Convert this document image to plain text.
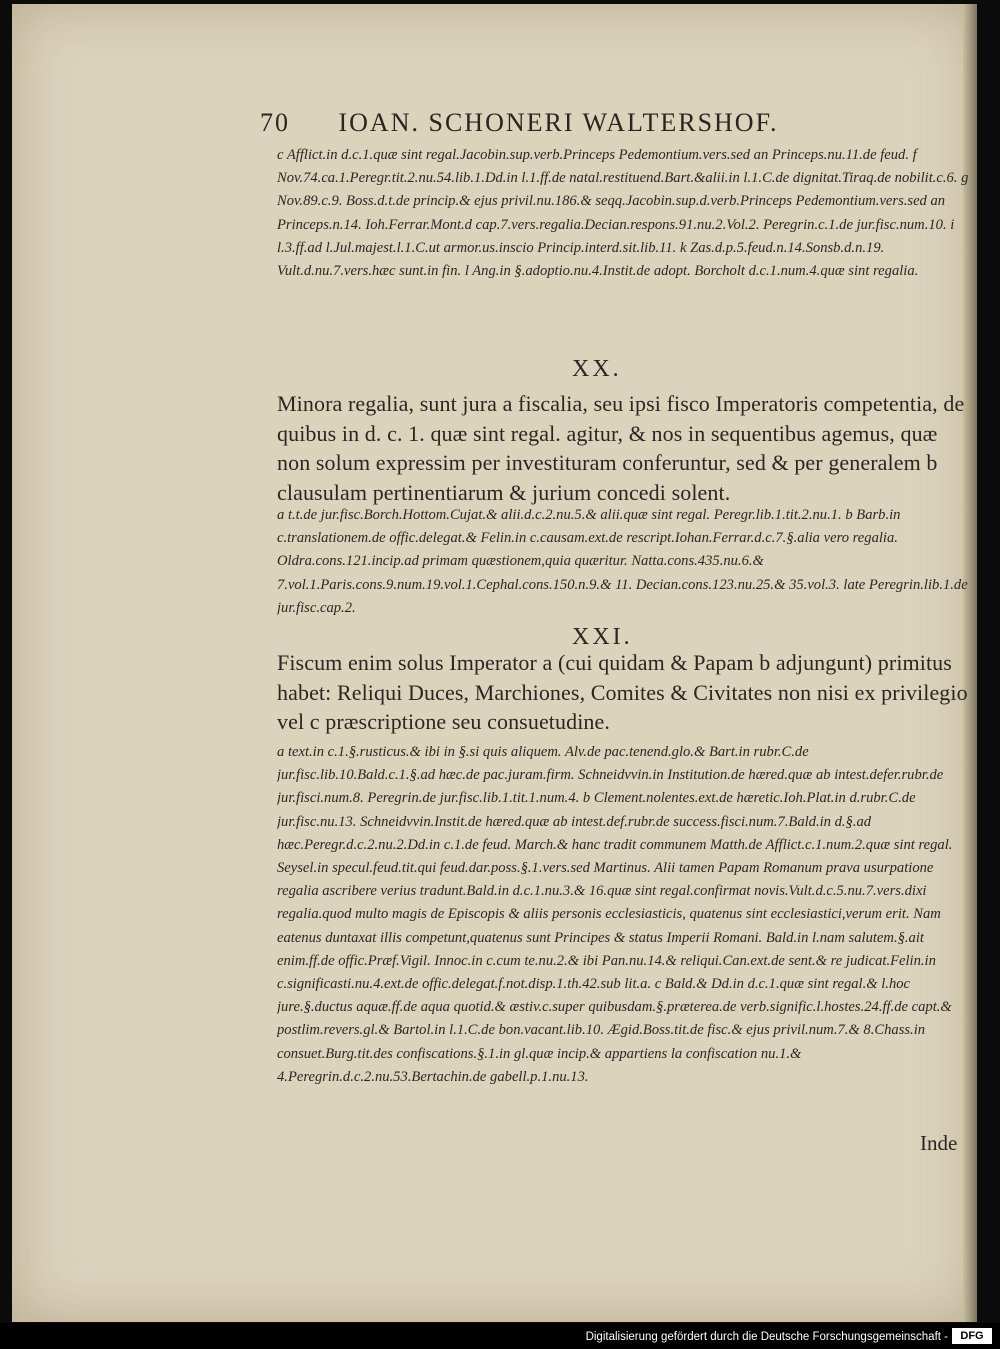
70 IOAN. SCHONERI WALTERSHOF.
c Afflict.in d.c.1.quæ sint regal.Jacobin.sup.verb.Princeps Pedemontium.vers.sed an Princeps.nu.11.de feud. f Nov.74.ca.1.Peregr.tit.2.nu.54.lib.1.Dd.in l.1.ff.de natal.restituend.Bart.&alii.in l.1.C.de dignitat.Tiraq.de nobilit.c.6. g Nov.89.c.9. Boss.d.t.de princip.& ejus privil.nu.186.& seqq.Jacobin.sup.d.verb.Princeps Pedemontium.vers.sed an Princeps.n.14. Ioh.Ferrar.Mont.d cap.7.vers.regalia.Decian.respons.91.nu.2.Vol.2. Peregrin.c.1.de jur.fisc.num.10. i l.3.ff.ad l.Jul.majest.l.1.C.ut armor.us.inscio Princip.interd.sit.lib.11. k Zas.d.p.5.feud.n.14.Sonsb.d.n.19. Vult.d.nu.7.vers.hæc sunt.in fin. l Ang.in §.adoptio.nu.4.Instit.de adopt. Borcholt d.c.1.num.4.quæ sint regalia.
XX.
Minora regalia, sunt jura a fiscalia, seu ipsi fisco Imperatoris competentia, de quibus in d. c. 1. quæ sint regal. agitur, & nos in sequentibus agemus, quæ non solum expressim per investituram conferuntur, sed & per generalem b clausulam pertinentiarum & jurium concedi solent.
a t.t.de jur.fisc.Borch.Hottom.Cujat.& alii.d.c.2.nu.5.& alii.quæ sint regal. Peregr.lib.1.tit.2.nu.1. b Barb.in c.translationem.de offic.delegat.& Felin.in c.causam.ext.de rescript.Iohan.Ferrar.d.c.7.§.alia vero regalia. Oldra.cons.121.incip.ad primam quæstionem,quia quæritur. Natta.cons.435.nu.6.& 7.vol.1.Paris.cons.9.num.19.vol.1.Cephal.cons.150.n.9.& 11. Decian.cons.123.nu.25.& 35.vol.3. late Peregrin.lib.1.de jur.fisc.cap.2.
XXI.
Fiscum enim solus Imperator a (cui quidam & Papam b adjungunt) primitus habet: Reliqui Duces, Marchiones, Comites & Civitates non nisi ex privilegio vel c præscriptione seu consuetudine.
a text.in c.1.§.rusticus.& ibi in §.si quis aliquem. Alv.de pac.tenend.glo.& Bart.in rubr.C.de jur.fisc.lib.10.Bald.c.1.§.ad hæc.de pac.juram.firm. Schneidvvin.in Institution.de hæred.quæ ab intest.defer.rubr.de jur.fisci.num.8. Peregrin.de jur.fisc.lib.1.tit.1.num.4. b Clement.nolentes.ext.de hæretic.Ioh.Plat.in d.rubr.C.de jur.fisc.nu.13. Schneidvvin.Instit.de hæred.quæ ab intest.def.rubr.de success.fisci.num.7.Bald.in d.§.ad hæc.Peregr.d.c.2.nu.2.Dd.in c.1.de feud. March.& hanc tradit communem Matth.de Afflict.c.1.num.2.quæ sint regal. Seysel.in specul.feud.tit.qui feud.dar.poss.§.1.vers.sed Martinus. Alii tamen Papam Romanum prava usurpatione regalia ascribere verius tradunt.Bald.in d.c.1.nu.3.& 16.quæ sint regal.confirmat novis.Vult.d.c.5.nu.7.vers.dixi regalia.quod multo magis de Episcopis & aliis personis ecclesiasticis, quatenus sint ecclesiastici,verum erit. Nam eatenus duntaxat illis competunt,quatenus sunt Principes & status Imperii Romani. Bald.in l.nam salutem.§.ait enim.ff.de offic.Præf.Vigil. Innoc.in c.cum te.nu.2.& ibi Pan.nu.14.& reliqui.Can.ext.de sent.& re judicat.Felin.in c.significasti.nu.4.ext.de offic.delegat.f.not.disp.1.th.42.sub lit.a. c Bald.& Dd.in d.c.1.quæ sint regal.& l.hoc jure.§.ductus aquæ.ff.de aqua quotid.& æstiv.c.super quibusdam.§.præterea.de verb.signific.l.hostes.24.ff.de capt.& postlim.revers.gl.& Bartol.in l.1.C.de bon.vacant.lib.10. Ægid.Boss.tit.de fisc.& ejus privil.num.7.& 8.Chass.in consuet.Burg.tit.des confiscations.§.1.in gl.quæ incip.& appartiens la confiscation nu.1.& 4.Peregrin.d.c.2.nu.53.Bertachin.de gabell.p.1.nu.13.
Inde
Digitalisierung gefördert durch die Deutsche Forschungsgemeinschaft -	DFG
